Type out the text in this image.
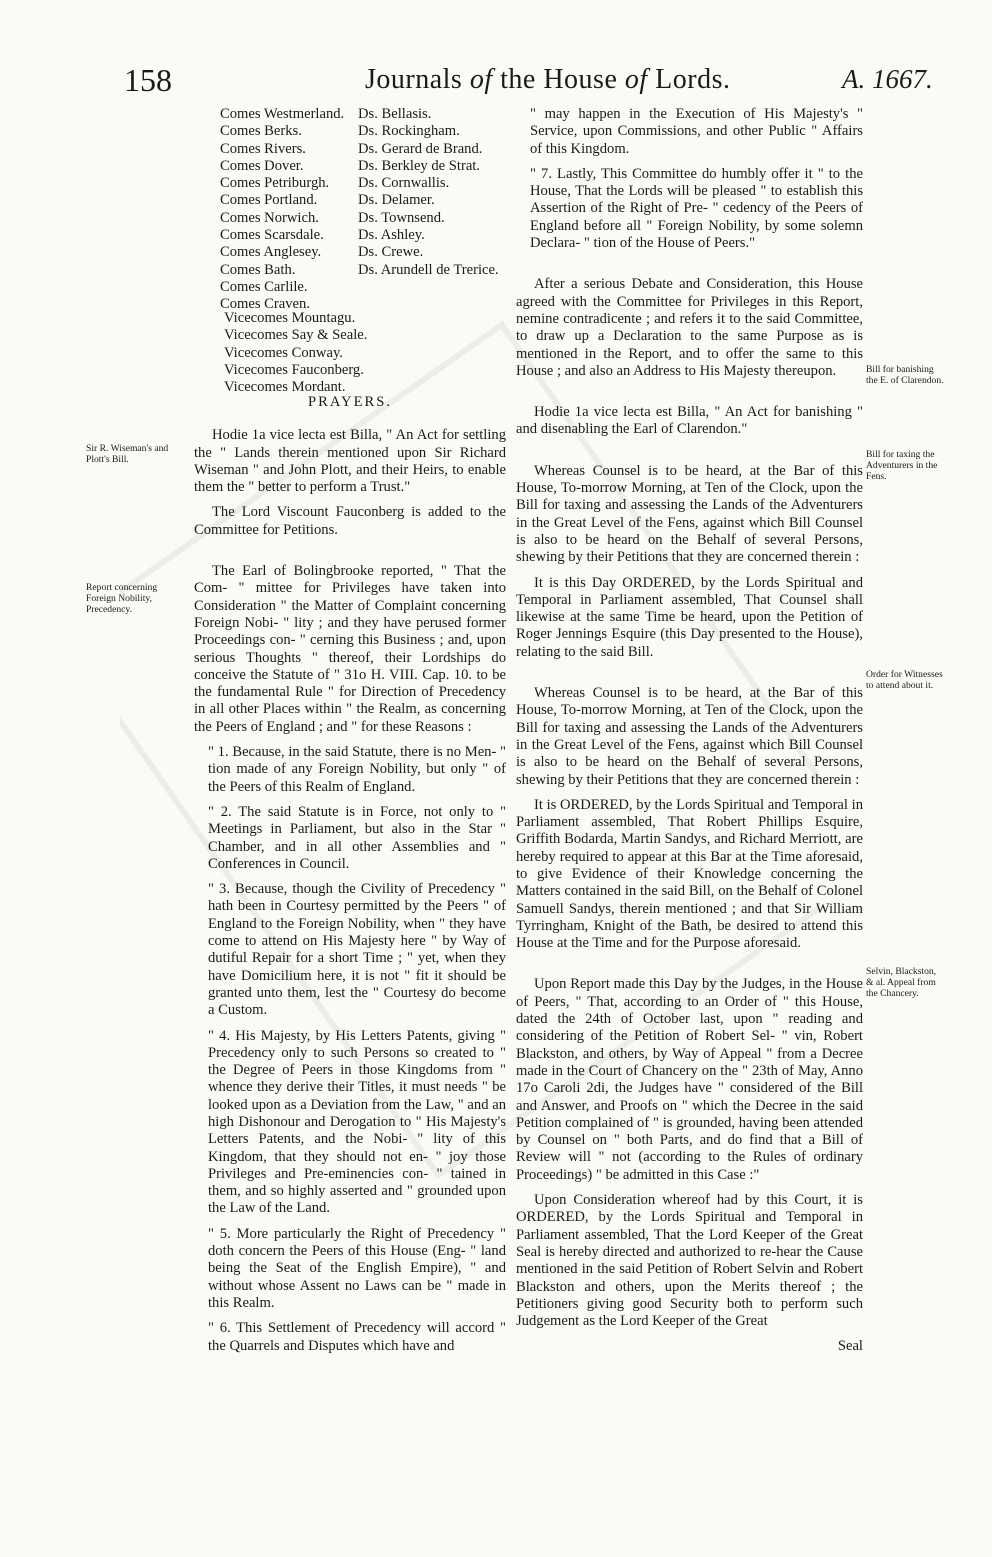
158	Journals of the House of Lords.	A. 1667.
Comes Westmerland.
Comes Berks.
Comes Rivers.
Comes Dover.
Comes Petriburgh.
Comes Portland.
Comes Norwich.
Comes Scarsdale.
Comes Anglesey.
Comes Bath.
Comes Carlile.
Comes Craven.
Ds. Bellasis.
Ds. Rockingham.
Ds. Gerard de Brand.
Ds. Berkley de Strat.
Ds. Cornwallis.
Ds. Delamer.
Ds. Townsend.
Ds. Ashley.
Ds. Crewe.
Ds. Arundell de Trerice.
Vicecomes Mountagu.
Vicecomes Say & Seale.
Vicecomes Conway.
Vicecomes Fauconberg.
Vicecomes Mordant.
PRAYERS.

Hodie 1a vice lecta est Billa, " An Act for settling the " Lands therein mentioned upon Sir Richard Wiseman " and John Plott, and their Heirs, to enable them the " better to perform a Trust."

The Lord Viscount Fauconberg is added to the Committee for Petitions.

The Earl of Bolingbrooke reported, " That the Com- " mittee for Privileges have taken into Consideration " the Matter of Complaint concerning Foreign Nobi- " lity ; and they have perused former Proceedings con- " cerning this Business ; and, upon serious Thoughts " thereof, their Lordships do conceive the Statute of " 31o H. VIII. Cap. 10. to be the fundamental Rule " for Direction of Precedency in all other Places within " the Realm, as concerning the Peers of England ; and " for these Reasons :

" 1. Because, in the said Statute, there is no Men- " tion made of any Foreign Nobility, but only " of the Peers of this Realm of England.

" 2. The said Statute is in Force, not only to " Meetings in Parliament, but also in the Star " Chamber, and in all other Assemblies and " Conferences in Council.

" 3. Because, though the Civility of Precedency " hath been in Courtesy permitted by the Peers " of England to the Foreign Nobility, when " they have come to attend on His Majesty here " by Way of dutiful Repair for a short Time ; " yet, when they have Domicilium here, it is not " fit it should be granted unto them, lest the " Courtesy do become a Custom.

" 4. His Majesty, by His Letters Patents, giving " Precedency only to such Persons so created to " the Degree of Peers in those Kingdoms from " whence they derive their Titles, it must needs " be looked upon as a Deviation from the Law, " and an high Dishonour and Derogation to " His Majesty's Letters Patents, and the Nobi- " lity of this Kingdom, that they should not en- " joy those Privileges and Pre-eminencies con- " tained in them, and so highly asserted and " grounded upon the Law of the Land.

" 5. More particularly the Right of Precedency " doth concern the Peers of this House (Eng- " land being the Seat of the English Empire), " and without whose Assent no Laws can be " made in this Realm.

" 6. This Settlement of Precedency will accord " the Quarrels and Disputes which have and

Sir R. Wiseman's and Plott's Bill.
Report concerning Foreign Nobility, Precedency.

" may happen in the Execution of His Majesty's " Service, upon Commissions, and other Public " Affairs of this Kingdom.

" 7. Lastly, This Committee do humbly offer it " to the House, That the Lords will be pleased " to establish this Assertion of the Right of Pre- " cedency of the Peers of England before all " Foreign Nobility, by some solemn Declara- " tion of the House of Peers."

After a serious Debate and Consideration, this House agreed with the Committee for Privileges in this Report, nemine contradicente ; and refers it to the said Committee, to draw up a Declaration to the same Purpose as is mentioned in the Report, and to offer the same to this House ; and also an Address to His Majesty thereupon.

Hodie 1a vice lecta est Billa, " An Act for banishing " and disenabling the Earl of Clarendon."

Whereas Counsel is to be heard, at the Bar of this House, To-morrow Morning, at Ten of the Clock, upon the Bill for taxing and assessing the Lands of the Adventurers in the Great Level of the Fens, against which Bill Counsel is also to be heard on the Behalf of several Persons, shewing by their Petitions that they are concerned therein :

It is this Day ORDERED, by the Lords Spiritual and Temporal in Parliament assembled, That Counsel shall likewise at the same Time be heard, upon the Petition of Roger Jennings Esquire (this Day presented to the House), relating to the said Bill.

Whereas Counsel is to be heard, at the Bar of this House, To-morrow Morning, at Ten of the Clock, upon the Bill for taxing and assessing the Lands of the Adventurers in the Great Level of the Fens, against which Bill Counsel is also to be heard on the Behalf of several Persons, shewing by their Petitions that they are concerned therein :

It is ORDERED, by the Lords Spiritual and Temporal in Parliament assembled, That Robert Phillips Esquire, Griffith Bodarda, Martin Sandys, and Richard Merriott, are hereby required to appear at this Bar at the Time aforesaid, to give Evidence of their Knowledge concerning the Matters contained in the said Bill, on the Behalf of Colonel Samuell Sandys, therein mentioned ; and that Sir William Tyrringham, Knight of the Bath, be desired to attend this House at the Time and for the Purpose aforesaid.

Upon Report made this Day by the Judges, in the House of Peers, " That, according to an Order of " this House, dated the 24th of October last, upon " reading and considering of the Petition of Robert Sel- " vin, Robert Blackston, and others, by Way of Appeal " from a Decree made in the Court of Chancery on the " 23th of May, Anno 17o Caroli 2di, the Judges have " considered of the Bill and Answer, and Proofs on " which the Decree in the said Petition complained of " is grounded, having been attended by Counsel on " both Parts, and do find that a Bill of Review will " not (according to the Rules of ordinary Proceedings) " be admitted in this Case :"

Upon Consideration whereof had by this Court, it is ORDERED, by the Lords Spiritual and Temporal in Parliament assembled, That the Lord Keeper of the Great Seal is hereby directed and authorized to re-hear the Cause mentioned in the said Petition of Robert Selvin and Robert Blackston and others, upon the Merits thereof ; the Petitioners giving good Security both to perform such Judgement as the Lord Keeper of the Great

Seal
Bill for banishing the E. of Clarendon.
Bill for taxing the Adventurers in the Fens.
Order for Witnesses to attend about it.
Selvin, Blackston, & al. Appeal from the Chancery.
